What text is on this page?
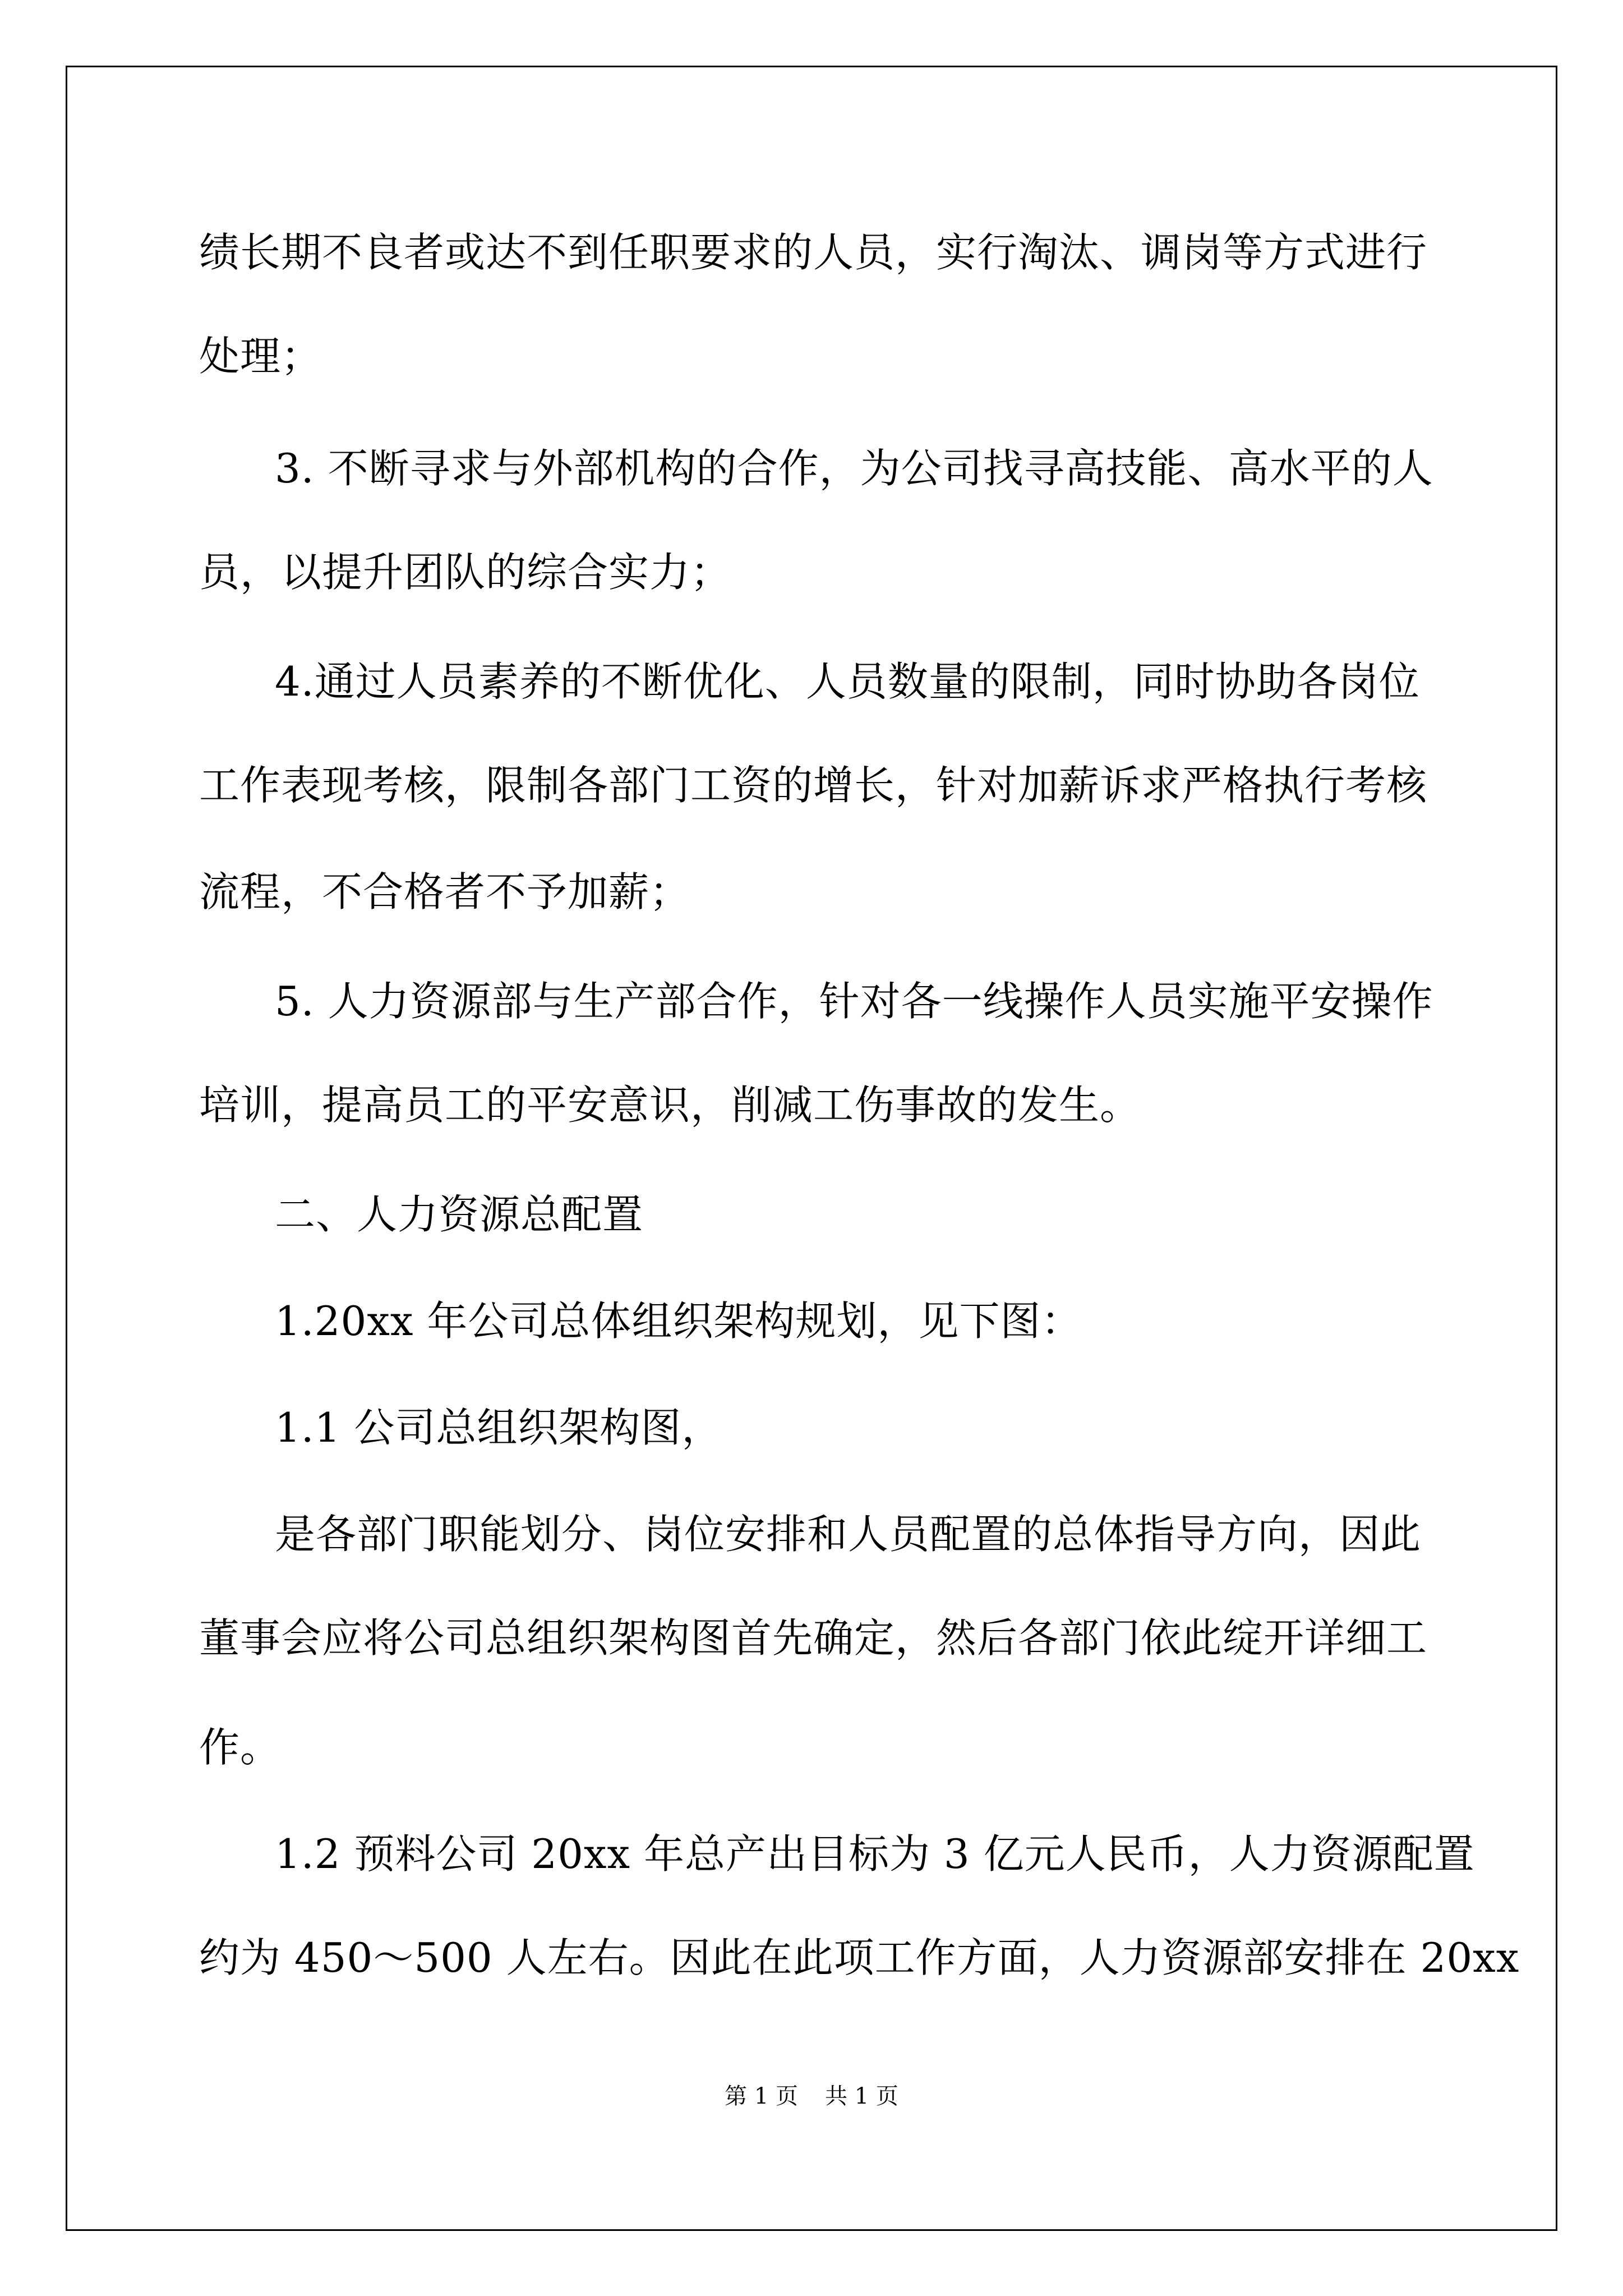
绩长期不良者或达不到任职要求的人员，实行淘汰、调岗等方式进行
处理；
3. 不断寻求与外部机构的合作，为公司找寻高技能、高水平的人
员，以提升团队的综合实力；
4.通过人员素养的不断优化、人员数量的限制，同时协助各岗位
工作表现考核，限制各部门工资的增长，针对加薪诉求严格执行考核
流程，不合格者不予加薪；
5. 人力资源部与生产部合作，针对各一线操作人员实施平安操作
培训，提高员工的平安意识，削减工伤事故的发生。
二、人力资源总配置
1.20xx 年公司总体组织架构规划，见下图：
1.1 公司总组织架构图，
是各部门职能划分、岗位安排和人员配置的总体指导方向，因此
董事会应将公司总组织架构图首先确定，然后各部门依此绽开详细工
作。
1.2 预料公司 20xx 年总产出目标为 3 亿元人民币，人力资源配置
约为 450～500 人左右。因此在此项工作方面，人力资源部安排在 20xx
第 1 页 共 1 页
